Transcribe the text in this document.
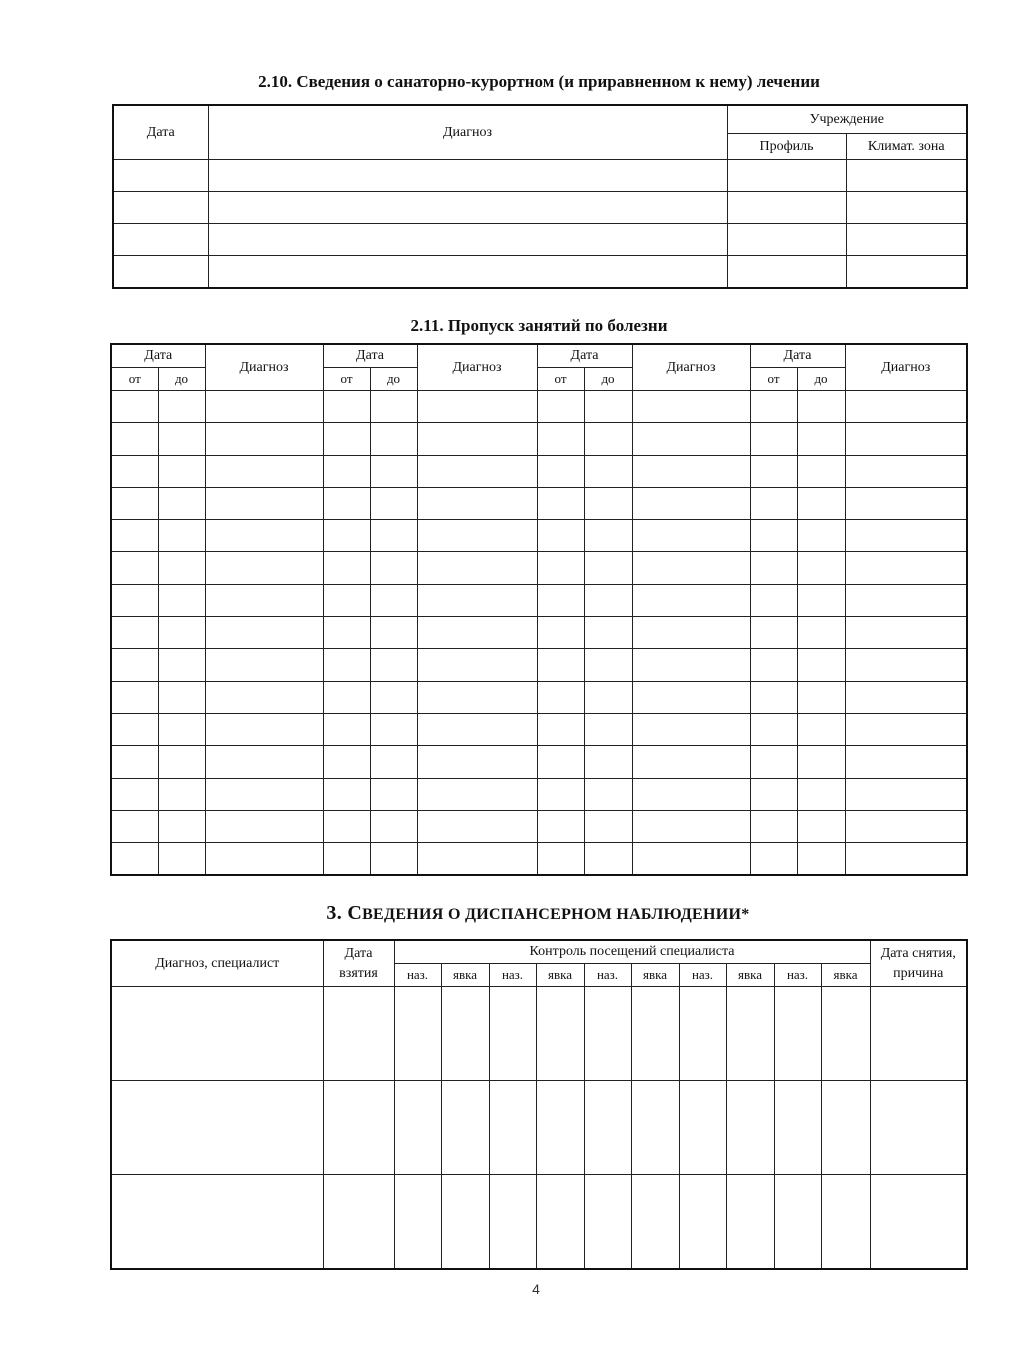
2.10. Сведения о санаторно-курортном (и приравненном к нему) лечении
Дата	Диагноз	Учреждение	
		Профиль	Климат. зона

2.11. Пропуск занятий по болезни
Дата		Диагноз	Дата		Диагноз	Дата		Диагноз	Дата		Диагноз
от	до		от	до		от	до		от	до	

3. СВЕДЕНИЯ О ДИСПАНСЕРНОМ НАБЛЮДЕНИИ*
Диагноз, специалист	Дата взятия	Контроль посещений специалиста										Дата снятия, причина
		наз.	явка	наз.	явка	наз.	явка	наз.	явка	наз.	явка	

4
